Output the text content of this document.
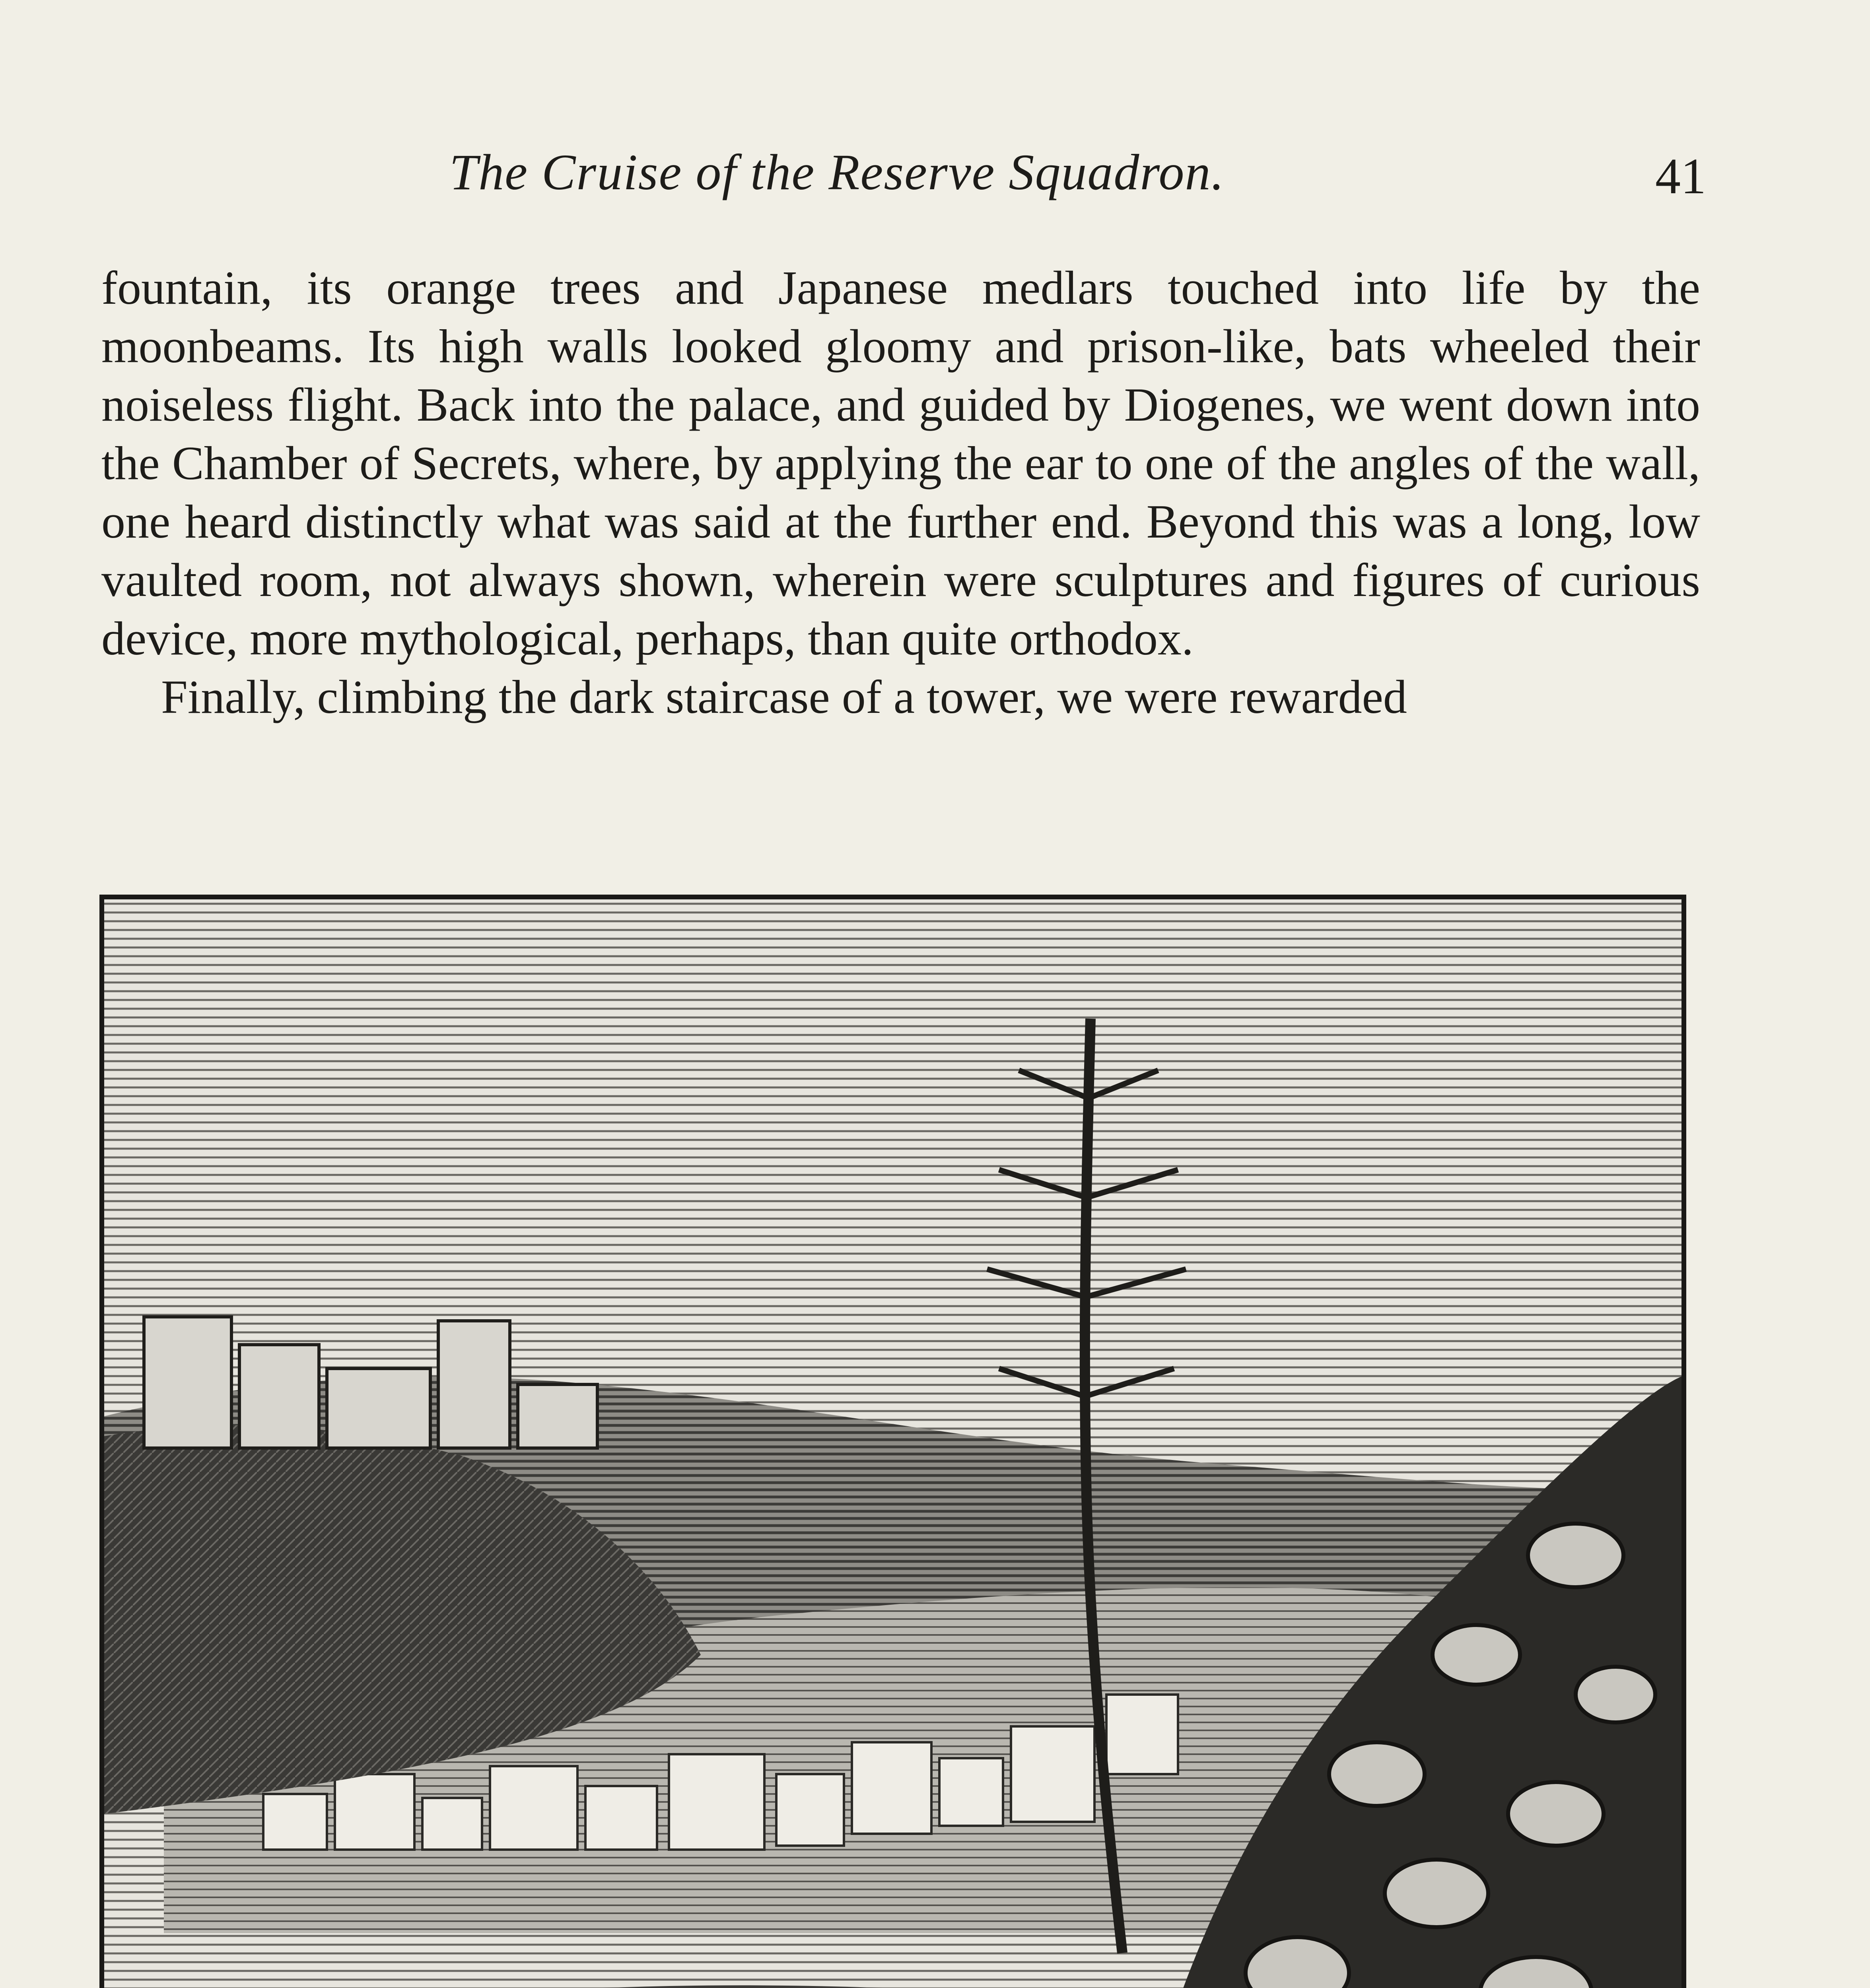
The Cruise of the Reserve Squadron.	41

fountain, its orange trees and Japanese medlars touched into life by the moonbeams. Its high walls looked gloomy and prison-like, bats wheeled their noiseless flight. Back into the palace, and guided by Diogenes, we went down into the Chamber of Secrets, where, by applying the ear to one of the angles of the wall, one heard distinctly what was said at the further end. Beyond this was a long, low vaulted room, not always shown, wherein were sculptures and figures of curious device, more mythological, perhaps, than quite orthodox.

Finally, climbing the dark staircase of a tower, we were rewarded
